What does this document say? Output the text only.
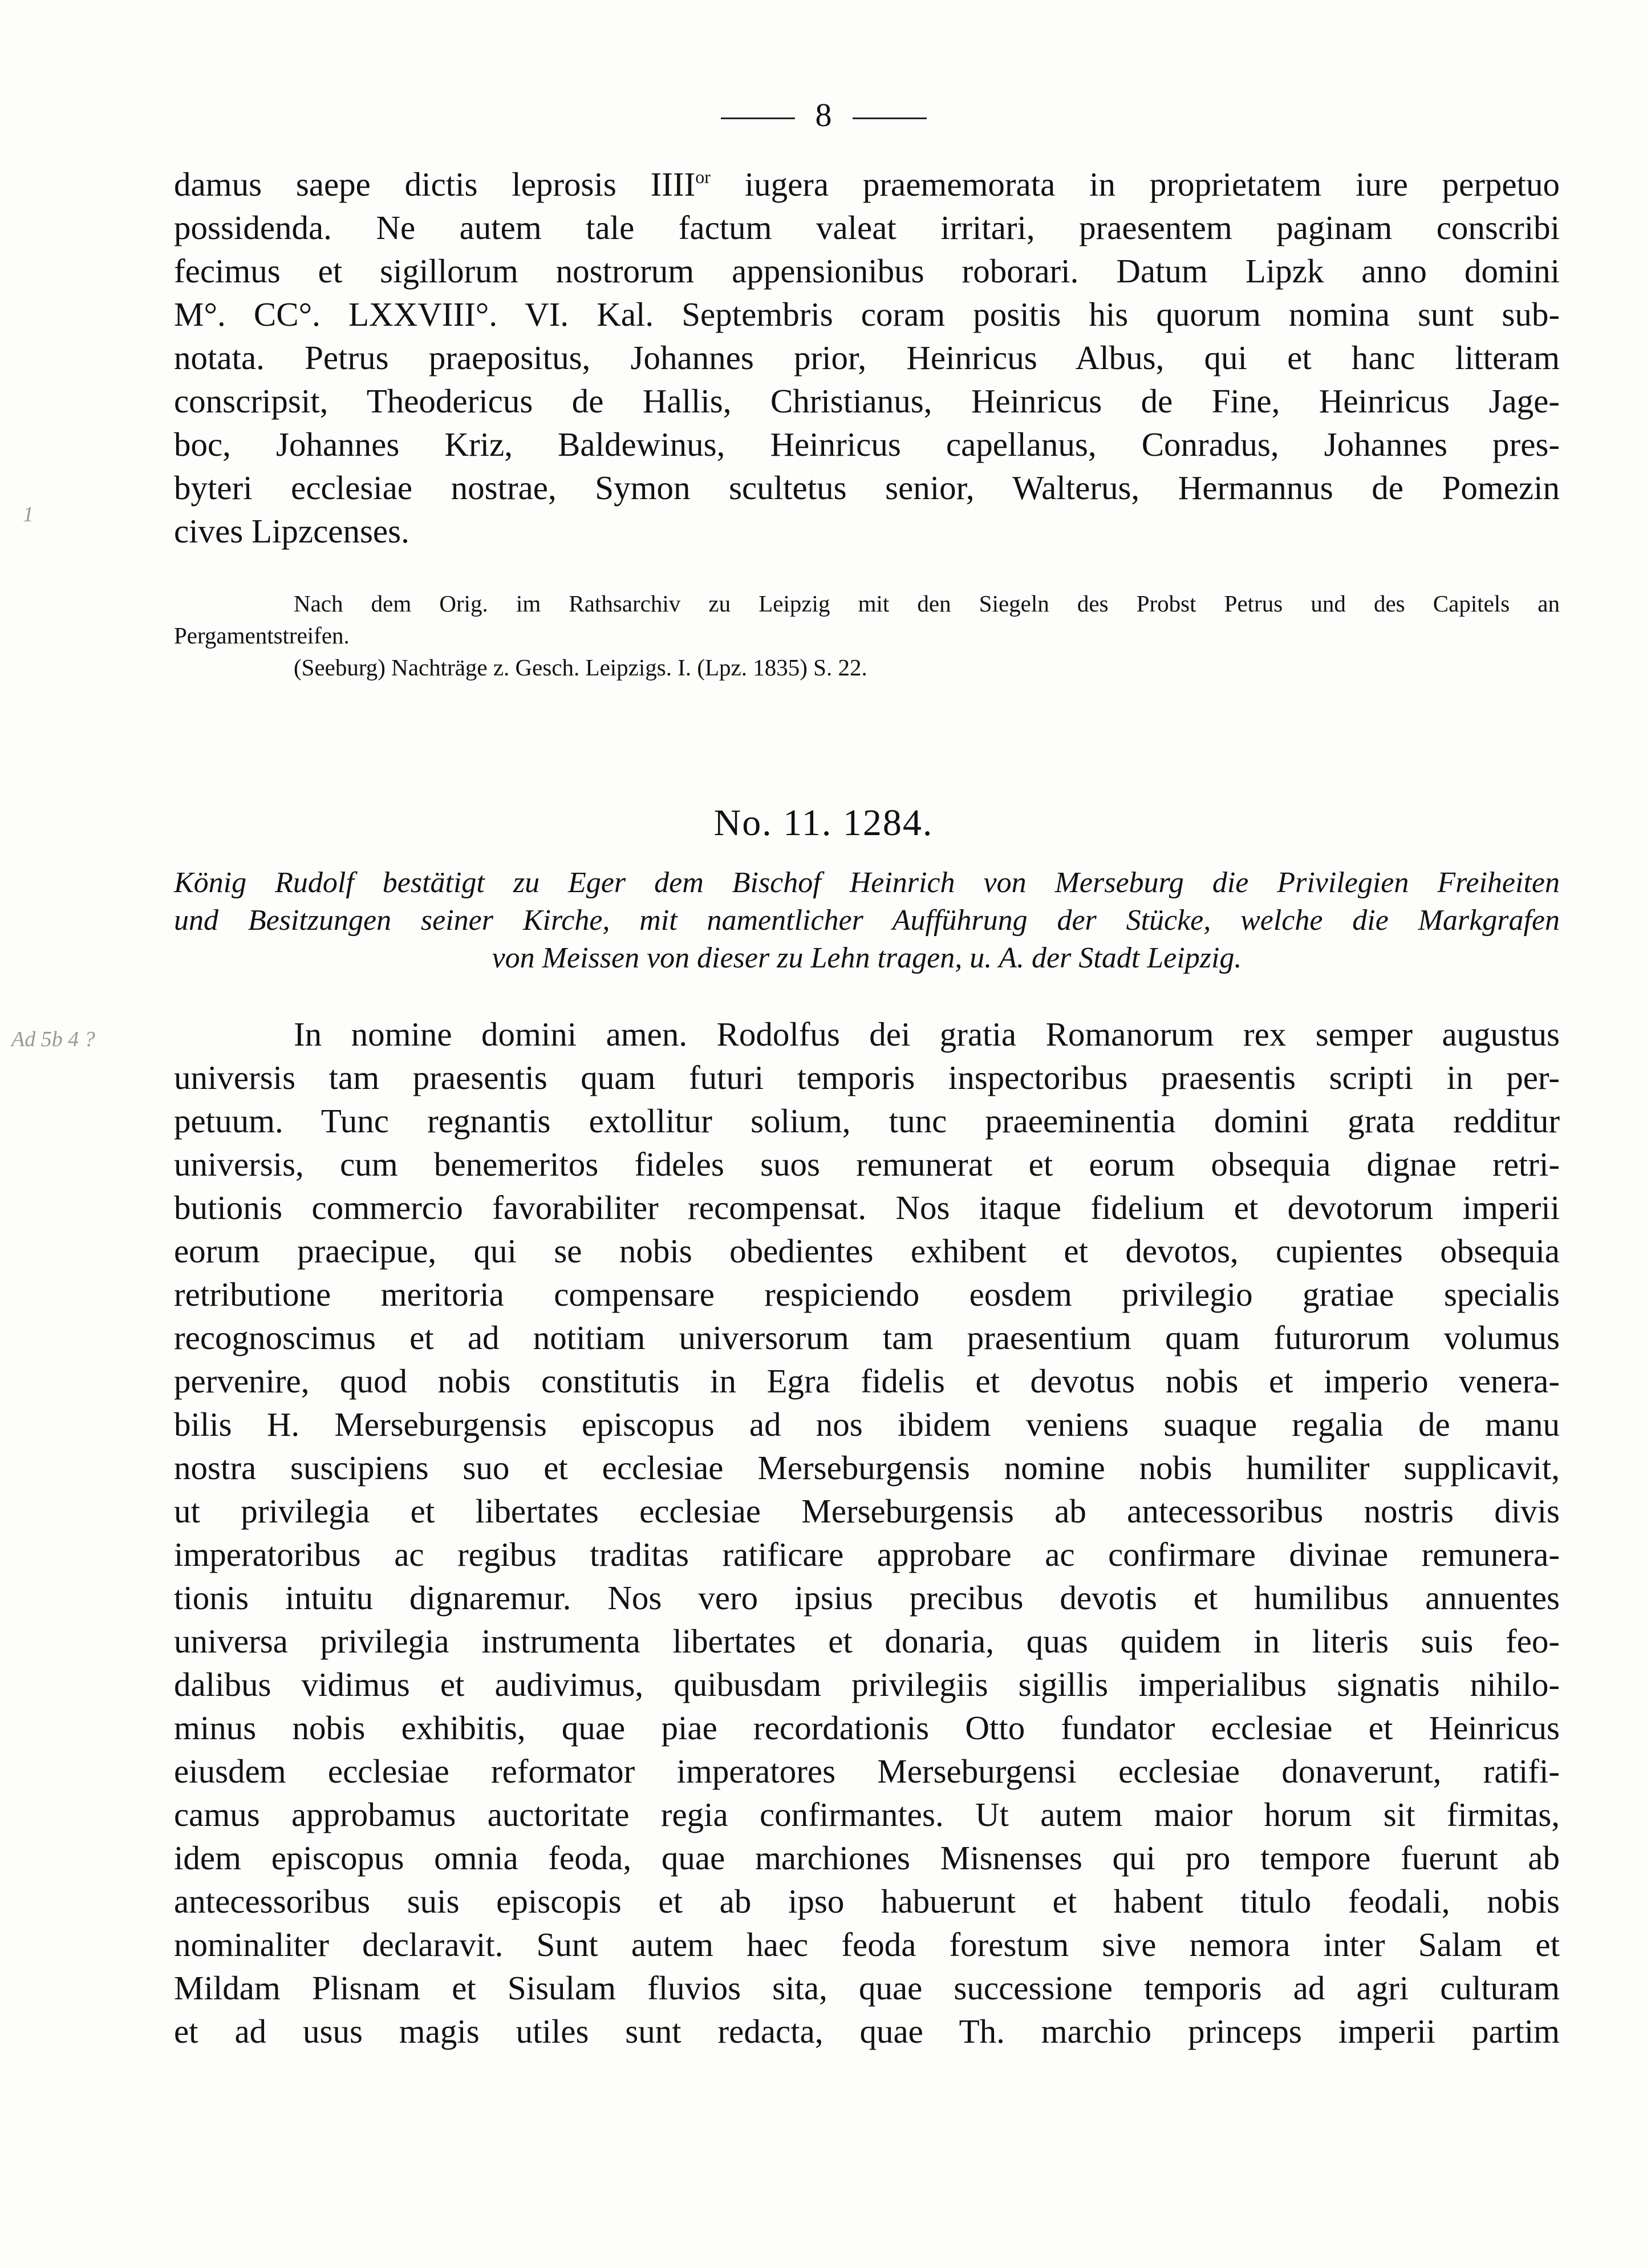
8
damus saepe dictis leprosis $IIII^{or}$ iugera praememorata in proprietatem iure perpetuo
possidenda. Ne autem tale factum valeat irritari, praesentem paginam conscribi
fecimus et sigillorum nostrorum appensionibus roborari. Datum Lipzk anno domini
M°. CC°. LXXVIII°. VI. Kal. Septembris coram positis his quorum nomina sunt sub-
notata. Petrus praepositus, Johannes prior, Heinricus Albus, qui et hanc litteram
conscripsit, Theodericus de Hallis, Christianus, Heinricus de Fine, Heinricus Jage-
boc, Johannes Kriz, Baldewinus, Heinricus capellanus, Conradus, Johannes pres-
byteri ecclesiae nostrae, Symon scultetus senior, Walterus, Hermannus de Pomezin
cives Lipzcenses.
Nach dem Orig. im Rathsarchiv zu Leipzig mit den Siegeln des Probst Petrus und des Capitels an
Pergamentstreifen.
(Seeburg) Nachträge z. Gesch. Leipzigs. I. (Lpz. 1835) S. 22.
No. 11. 1284.
König Rudolf bestätigt zu Eger dem Bischof Heinrich von Merseburg die Privilegien Freiheiten
und Besitzungen seiner Kirche, mit namentlicher Aufführung der Stücke, welche die Markgrafen
von Meissen von dieser zu Lehn tragen, u. A. der Stadt Leipzig.
In nomine domini amen. Rodolfus dei gratia Romanorum rex semper augustus
universis tam praesentis quam futuri temporis inspectoribus praesentis scripti in per-
petuum. Tunc regnantis extollitur solium, tunc praeeminentia domini grata redditur
universis, cum benemeritos fideles suos remunerat et eorum obsequia dignae retri-
butionis commercio favorabiliter recompensat. Nos itaque fidelium et devotorum imperii
eorum praecipue, qui se nobis obedientes exhibent et devotos, cupientes obsequia
retributione meritoria compensare respiciendo eosdem privilegio gratiae specialis
recognoscimus et ad notitiam universorum tam praesentium quam futurorum volumus
pervenire, quod nobis constitutis in Egra fidelis et devotus nobis et imperio venera-
bilis H. Merseburgensis episcopus ad nos ibidem veniens suaque regalia de manu
nostra suscipiens suo et ecclesiae Merseburgensis nomine nobis humiliter supplicavit,
ut privilegia et libertates ecclesiae Merseburgensis ab antecessoribus nostris divis
imperatoribus ac regibus traditas ratificare approbare ac confirmare divinae remunera-
tionis intuitu dignaremur. Nos vero ipsius precibus devotis et humilibus annuentes
universa privilegia instrumenta libertates et donaria, quas quidem in literis suis feo-
dalibus vidimus et audivimus, quibusdam privilegiis sigillis imperialibus signatis nihilo-
minus nobis exhibitis, quae piae recordationis Otto fundator ecclesiae et Heinricus
eiusdem ecclesiae reformator imperatores Merseburgensi ecclesiae donaverunt, ratifi-
camus approbamus auctoritate regia confirmantes. Ut autem maior horum sit firmitas,
idem episcopus omnia feoda, quae marchiones Misnenses qui pro tempore fuerunt ab
antecessoribus suis episcopis et ab ipso habuerunt et habent titulo feodali, nobis
nominaliter declaravit. Sunt autem haec feoda forestum sive nemora inter Salam et
Mildam Plisnam et Sisulam fluvios sita, quae successione temporis ad agri culturam
et ad usus magis utiles sunt redacta, quae Th. marchio princeps imperii partim
1
Ad 5b 4 ?
